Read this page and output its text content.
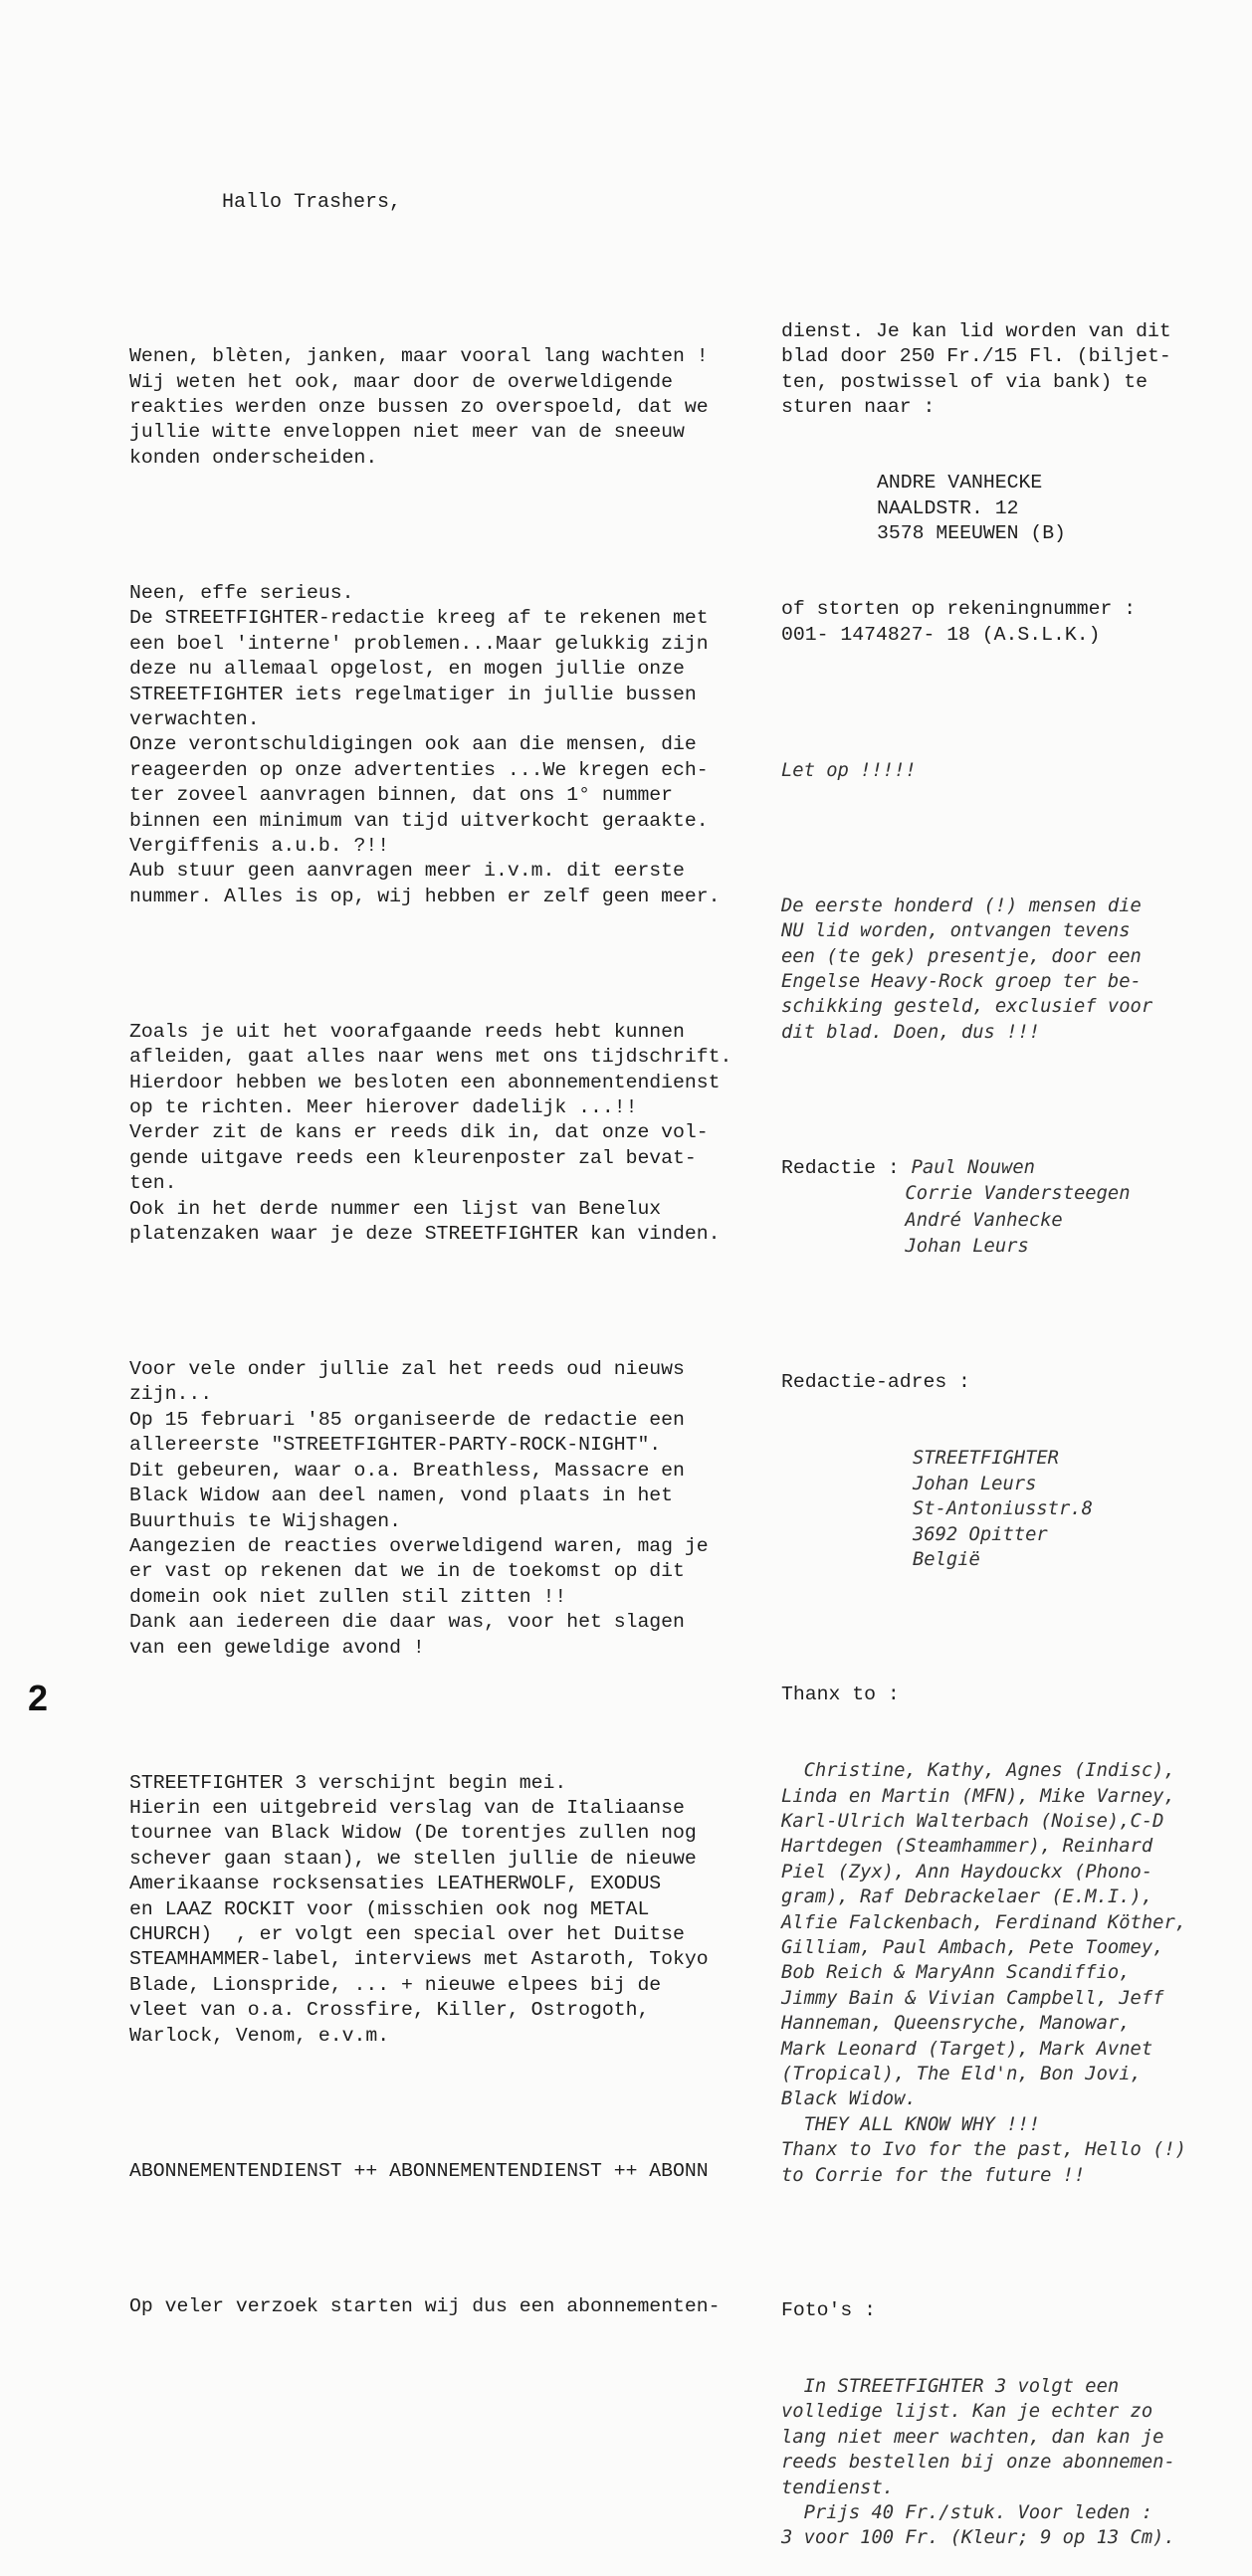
Hallo Trashers,

Wenen, blèten, janken, maar vooral lang wachten !
Wij weten het ook, maar door de overweldigende
reakties werden onze bussen zo overspoeld, dat we
jullie witte enveloppen niet meer van de sneeuw
konden onderscheiden.

Neen, effe serieus.
De STREETFIGHTER-redactie kreeg af te rekenen met
een boel 'interne' problemen...Maar gelukkig zijn
deze nu allemaal opgelost, en mogen jullie onze
STREETFIGHTER iets regelmatiger in jullie bussen
verwachten.
Onze verontschuldigingen ook aan die mensen, die
reageerden op onze advertenties ...We kregen ech-
ter zoveel aanvragen binnen, dat ons 1° nummer
binnen een minimum van tijd uitverkocht geraakte.
Vergiffenis a.u.b. ?!!
Aub stuur geen aanvragen meer i.v.m. dit eerste
nummer. Alles is op, wij hebben er zelf geen meer.

Zoals je uit het voorafgaande reeds hebt kunnen
afleiden, gaat alles naar wens met ons tijdschrift.
Hierdoor hebben we besloten een abonnementendienst
op te richten. Meer hierover dadelijk ...!!
Verder zit de kans er reeds dik in, dat onze vol-
gende uitgave reeds een kleurenposter zal bevat-
ten.
Ook in het derde nummer een lijst van Benelux
platenzaken waar je deze STREETFIGHTER kan vinden.

Voor vele onder jullie zal het reeds oud nieuws
zijn...
Op 15 februari '85 organiseerde de redactie een
allereerste "STREETFIGHTER-PARTY-ROCK-NIGHT".
Dit gebeuren, waar o.a. Breathless, Massacre en
Black Widow aan deel namen, vond plaats in het
Buurthuis te Wijshagen.
Aangezien de reacties overweldigend waren, mag je
er vast op rekenen dat we in de toekomst op dit
domein ook niet zullen stil zitten !!
Dank aan iedereen die daar was, voor het slagen
van een geweldige avond !

STREETFIGHTER 3 verschijnt begin mei.
Hierin een uitgebreid verslag van de Italiaanse
tournee van Black Widow (De torentjes zullen nog
schever gaan staan), we stellen jullie de nieuwe
Amerikaanse rocksensaties LEATHERWOLF, EXODUS
en LAAZ ROCKIT voor (misschien ook nog METAL
CHURCH)  , er volgt een special over het Duitse
STEAMHAMMER-label, interviews met Astaroth, Tokyo
Blade, Lionspride, ... + nieuwe elpees bij de
vleet van o.a. Crossfire, Killer, Ostrogoth,
Warlock, Venom, e.v.m.

ABONNEMENTENDIENST ++ ABONNEMENTENDIENST ++ ABONN

Op veler verzoek starten wij dus een abonnementen-

dienst. Je kan lid worden van dit
blad door 250 Fr./15 Fl. (biljet-
ten, postwissel of via bank) te
sturen naar :

ANDRE VANHECKE
NAALDSTR. 12
3578 MEEUWEN (B)

of storten op rekeningnummer :
001- 1474827- 18 (A.S.L.K.)

Let op !!!!!

De eerste honderd (!) mensen die
NU lid worden, ontvangen tevens
een (te gek) presentje, door een
Engelse Heavy-Rock groep ter be-
schikking gesteld, exclusief voor
dit blad. Doen, dus !!!

Redactie : Paul Nouwen
Corrie Vandersteegen
André Vanhecke
Johan Leurs

Redactie-adres :

STREETFIGHTER
Johan Leurs
St-Antoniusstr.8
3692 Opitter
België

Thanx to :

Christine, Kathy, Agnes (Indisc),
Linda en Martin (MFN), Mike Varney,
Karl-Ulrich Walterbach (Noise),C-D
Hartdegen (Steamhammer), Reinhard
Piel (Zyx), Ann Haydouckx (Phono-
gram), Raf Debrackelaer (E.M.I.),
Alfie Falckenbach, Ferdinand Köther,
Gilliam, Paul Ambach, Pete Toomey,
Bob Reich & MaryAnn Scandiffio,
Jimmy Bain & Vivian Campbell, Jeff
Hanneman, Queensryche, Manowar,
Mark Leonard (Target), Mark Avnet
(Tropical), The Eld'n, Bon Jovi,
Black Widow.
THEY ALL KNOW WHY !!!
Thanx to Ivo for the past, Hello (!)
to Corrie for the future !!

Foto's :

In STREETFIGHTER 3 volgt een
volledige lijst. Kan je echter zo
lang niet meer wachten, dan kan je
reeds bestellen bij onze abonnemen-
tendienst.
Prijs 40 Fr./stuk. Voor leden :
3 voor 100 Fr. (Kleur; 9 op 13 Cm).

2
